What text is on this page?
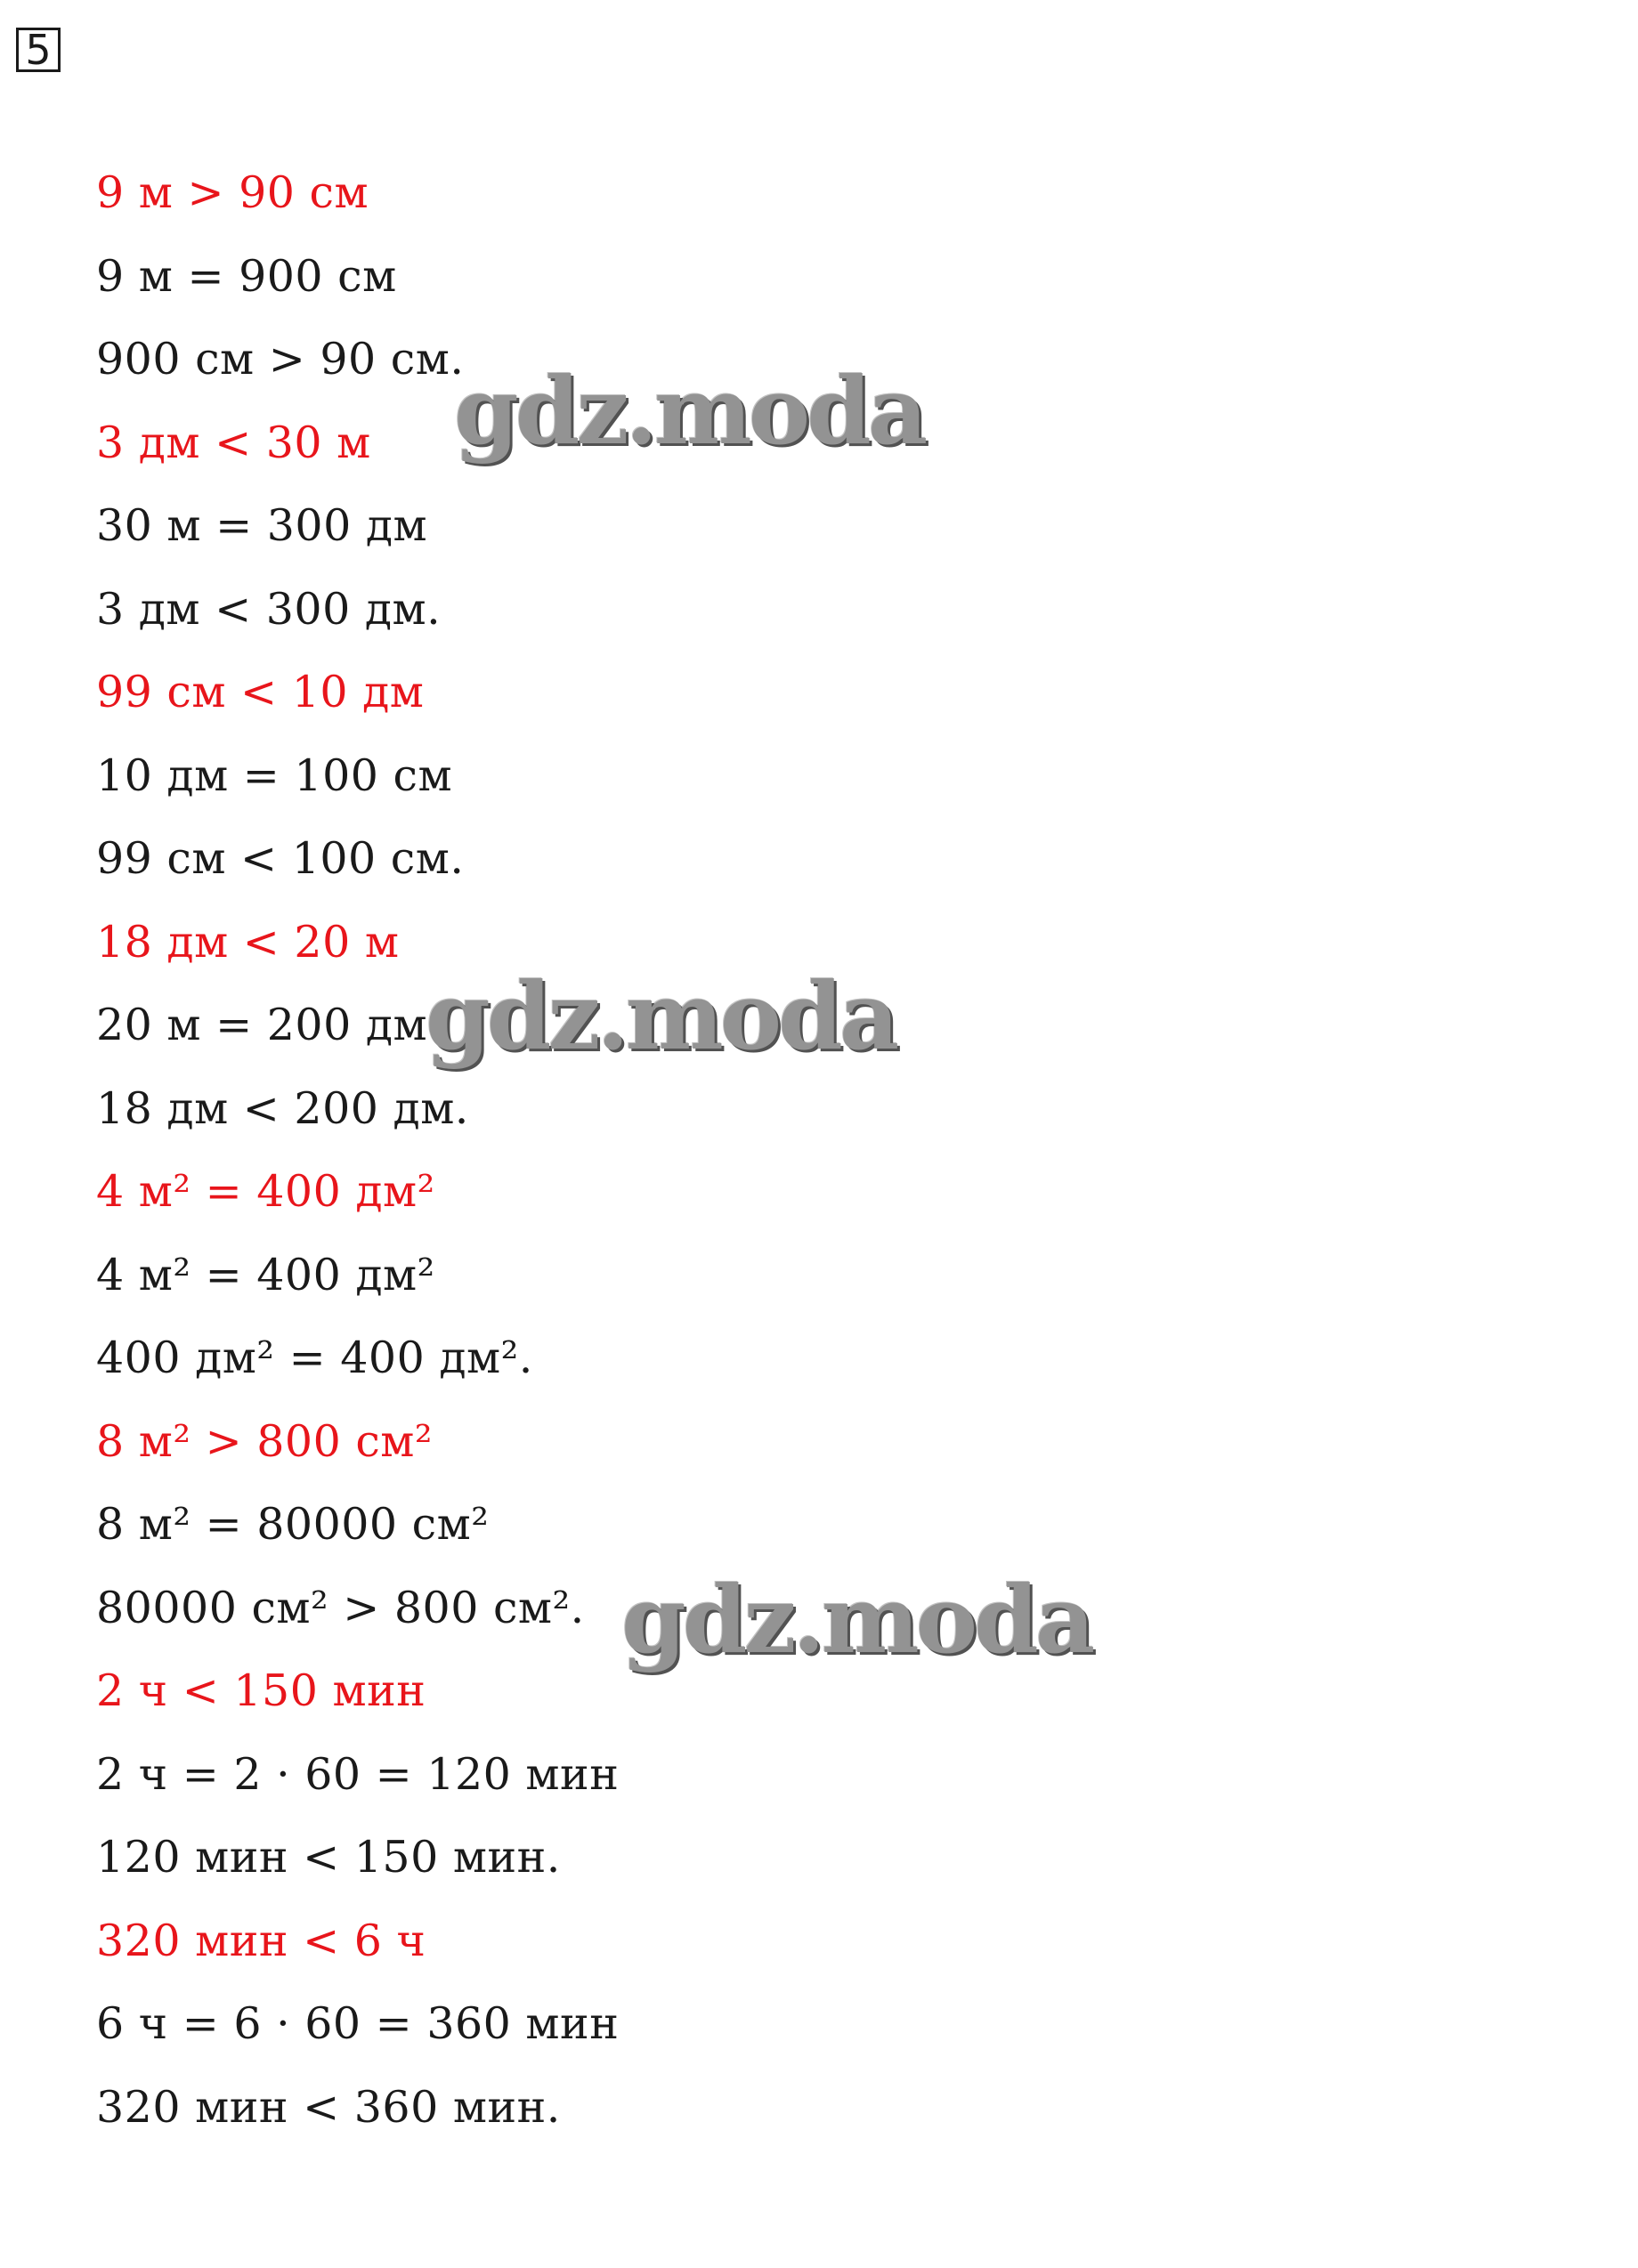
5
9 м > 90 см
9 м = 900 см
900 см > 90 см.
3 дм < 30 м
30 м = 300 дм
3 дм < 300 дм.
99 см < 10 дм
10 дм = 100 см
99 см < 100 см.
18 дм < 20 м
20 м = 200 дм
18 дм < 200 дм.
4 м² = 400 дм²
4 м² = 400 дм²
400 дм² = 400 дм².
8 м² > 800 см²
8 м² = 80000 см²
80000 см² > 800 см².
2 ч < 150 мин
2 ч = 2 · 60 = 120 мин
120 мин < 150 мин.
320 мин < 6 ч
6 ч = 6 · 60 = 360 мин
320 мин < 360 мин.
gdz.moda
gdz.moda
gdz.moda
